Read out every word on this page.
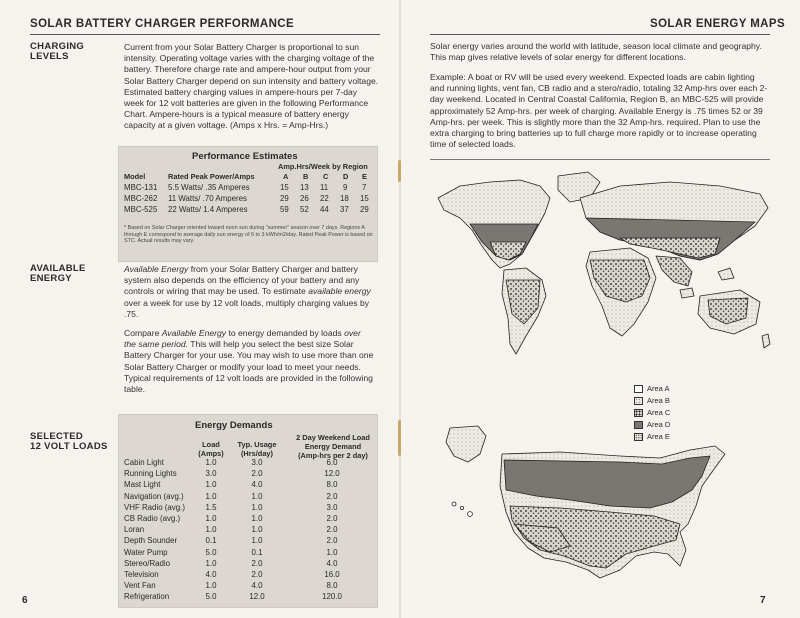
SOLAR BATTERY CHARGER PERFORMANCE
CHARGING
LEVELS

Current from your Solar Battery Charger is proportional to sun intensity. Operating voltage varies with the charging voltage of the battery. Therefore charge rate and ampere-hour output from your Solar Battery Charger depend on sun intensity and battery voltage. Estimated battery charging values in ampere-hours per 7-day week for 12 volt batteries are given in the following Performance Chart. Ampere-hours is a typical measure of battery energy capacity at a given voltage. (Amps x Hrs. = Amp-Hrs.)

Performance Estimates
Amp.Hrs/Week by Region
Model	Rated Peak Power/Amps	A B C D E
MBC-131 5.5 Watts/ .35 Amperes	15 13 11 9 7
MBC-262 11 Watts/ .70 Amperes	29 26 22 18 15
MBC-525 22 Watts/ 1.4 Amperes	59 52 44 37 29

* Based on Solar Charger oriented toward noon sun during "summer" season over 7 days. Regions A through E correspond to average daily sun energy of 6 to 3 kWh/m2/day. Rated Peak Power is based on STC. Actual results may vary.

AVAILABLE
ENERGY

Available Energy from your Solar Battery Charger and battery system also depends on the efficiency of your battery and any controls or wiring that may be used. To estimate available energy over a week for use by 12 volt loads, multiply charging values by .75.

Compare Available Energy to energy demanded by loads over the same period. This will help you select the best size Solar Battery Charger for your use. You may wish to use more than one Solar Battery Charger or modify your load to meet your needs. Typical requirements of 12 volt loads are provided in the following table.

SELECTED
12 VOLT LOADS
Energy Demands
Load
(Amps)
Typ. Usage
(Hrs/day)
2 Day Weekend Load
Energy Demand
(Amp-hrs per 2 day)
Cabin Light	1.0	3.0	6.0
Running Lights	3.0	2.0	12.0
Mast Light	1.0	4.0	8.0
Navigation (avg.)	1.0	1.0	2.0
VHF Radio (avg.)	1.5	1.0	3.0
CB Radio (avg.)	1.0	1.0	2.0
Loran	1.0	1.0	2.0
Depth Sounder	0.1	1.0	2.0
Water Pump	5.0	0.1	1.0
Stereo/Radio	1.0	2.0	4.0
Television	4.0	2.0	16.0
Vent Fan	1.0	4.0	8.0
Refrigeration	5.0	12.0	120.0
6
SOLAR ENERGY MAPS

Solar energy varies around the world with latitude, season local climate and geography. This map gives relative levels of solar energy for different locations.

Example: A boat or RV will be used every weekend. Expected loads are cabin lighting and running lights, vent fan, CB radio and a stero/radio, totaling 32 Amp-hrs over each 2-day weekend. Located in Central Coastal California, Region B, an MBC-525 will provide approximately 52 Amp-hrs. per week of charging. Available Energy is .75 times 52 or 39 Amp-hrs. per week. This is slightly more than the 32 Amp-hrs. required. Plan to use the extra charging to bring batteries up to full charge more rapidly or to increase operating time of selected loads.

Area A
Area B
Area C
Area D
Area E
7
